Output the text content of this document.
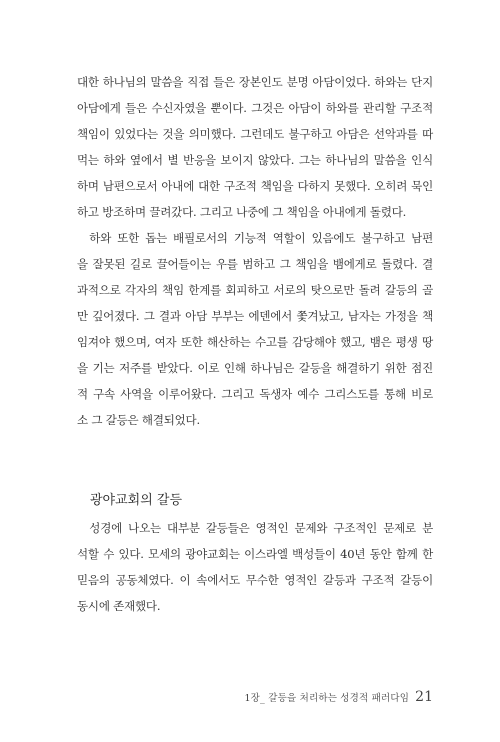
대한 하나님의 말씀을 직접 들은 장본인도 분명 아담이었다. 하와는 단지

아담에게 들은 수신자였을 뿐이다. 그것은 아담이 하와를 관리할 구조적

책임이 있었다는 것을 의미했다. 그런데도 불구하고 아담은 선악과를 따

먹는 하와 옆에서 별 반응을 보이지 않았다. 그는 하나님의 말씀을 인식

하며 남편으로서 아내에 대한 구조적 책임을 다하지 못했다. 오히려 묵인

하고 방조하며 끌려갔다. 그리고 나중에 그 책임을 아내에게 돌렸다.

하와 또한 돕는 배필로서의 기능적 역할이 있음에도 불구하고 남편

을 잘못된 길로 끌어들이는 우를 범하고 그 책임을 뱀에게로 돌렸다. 결

과적으로 각자의 책임 한계를 회피하고 서로의 탓으로만 돌려 갈등의 골

만 깊어졌다. 그 결과 아담 부부는 에덴에서 쫓겨났고, 남자는 가정을 책

임져야 했으며, 여자 또한 해산하는 수고를 감당해야 했고, 뱀은 평생 땅

을 기는 저주를 받았다. 이로 인해 하나님은 갈등을 해결하기 위한 점진

적 구속 사역을 이루어왔다. 그리고 독생자 예수 그리스도를 통해 비로

소 그 갈등은 해결되었다.

광야교회의 갈등

성경에 나오는 대부분 갈등들은 영적인 문제와 구조적인 문제로 분

석할 수 있다. 모세의 광야교회는 이스라엘 백성들이 40년 동안 함께 한

믿음의 공동체였다. 이 속에서도 무수한 영적인 갈등과 구조적 갈등이

동시에 존재했다.

1장_ 갈등을 처리하는 성경적 패러다임 21
